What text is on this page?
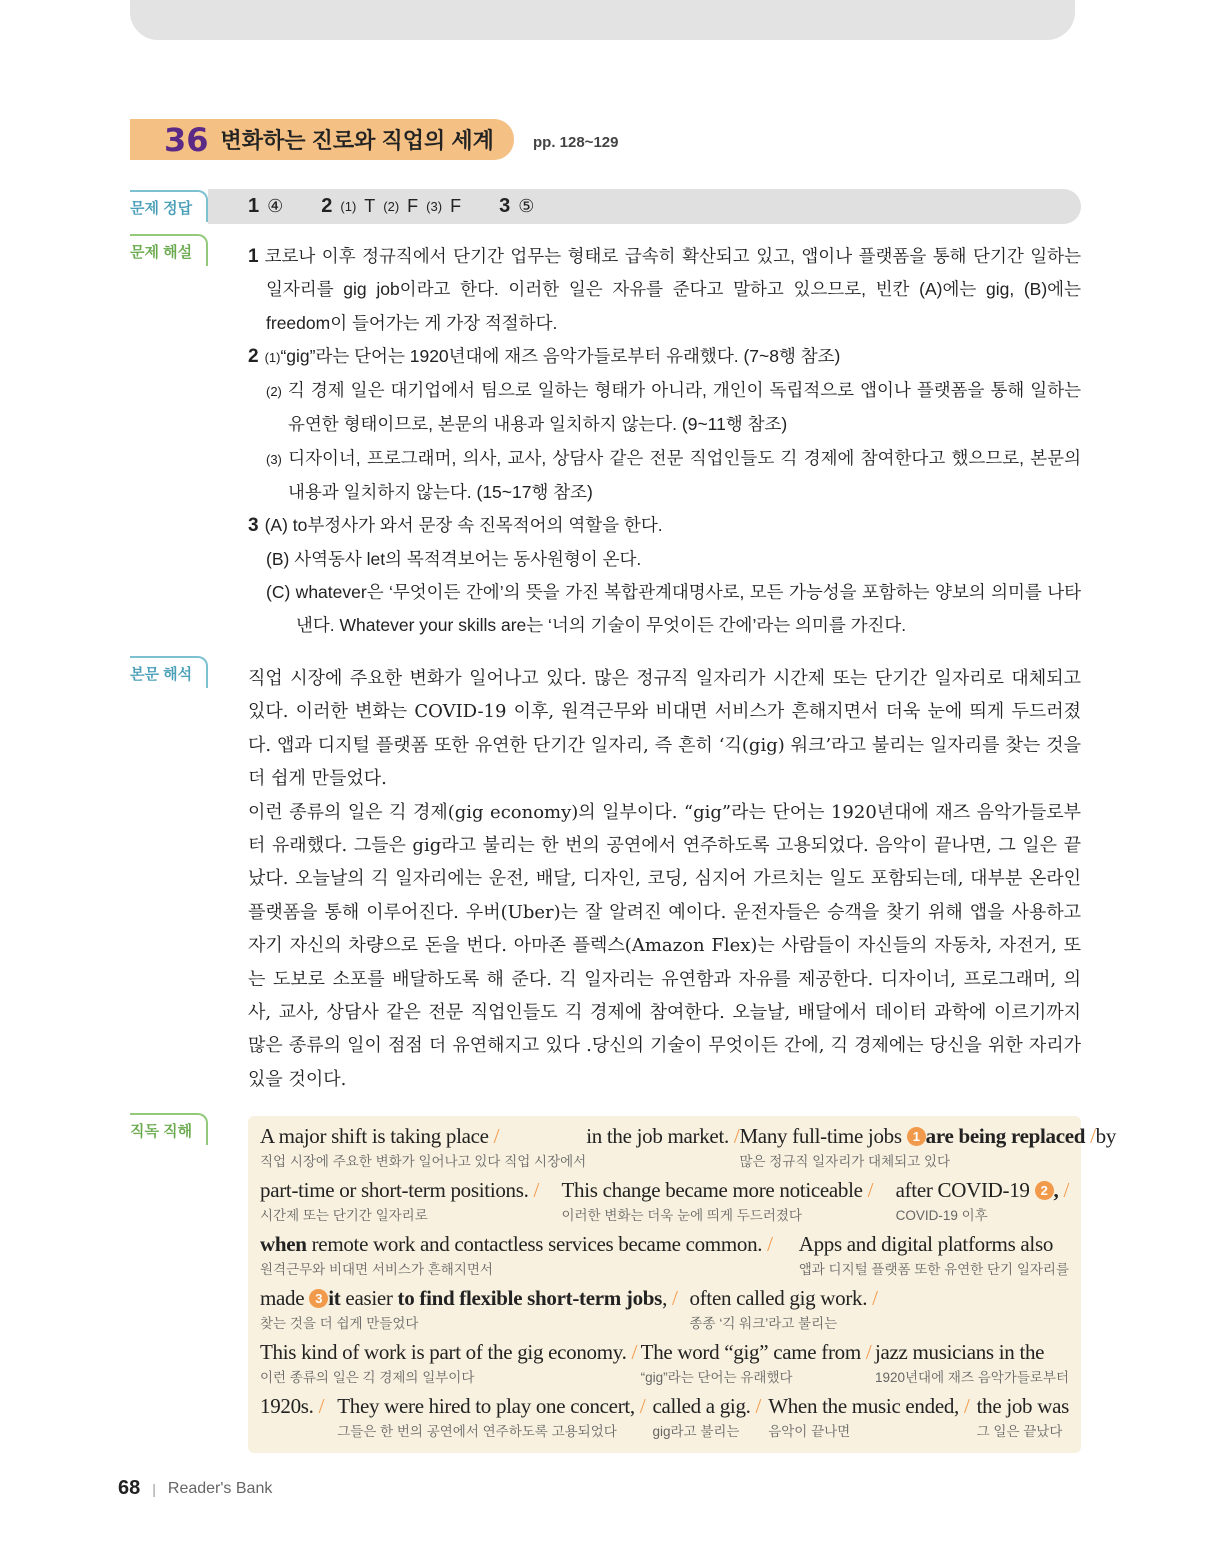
36 변화하는 진로와 직업의 세계	pp. 128~129
문제 정답	1 ④ 2 (1) T (2) F (3) F 3 ⑤
문제 해설	1 코로나 이후 정규직에서 단기간 업무는 형태로 급속히 확산되고 있고, 앱이나 플랫폼을 통해 단기간 일하는 일자리를 gig job이라고 한다. 이러한 일은 자유를 준다고 말하고 있으므로, 빈칸 (A)에는 gig, (B)에는 freedom이 들어가는 게 가장 적절하다.

2 (1)“gig”라는 단어는 1920년대에 재즈 음악가들로부터 유래했다. (7~8행 참조)

(2) 긱 경제 일은 대기업에서 팀으로 일하는 형태가 아니라, 개인이 독립적으로 앱이나 플랫폼을 통해 일하는 유연한 형태이므로, 본문의 내용과 일치하지 않는다. (9~11행 참조)

(3) 디자이너, 프로그래머, 의사, 교사, 상담사 같은 전문 직업인들도 긱 경제에 참여한다고 했으므로, 본문의 내용과 일치하지 않는다. (15~17행 참조)

3 (A) to부정사가 와서 문장 속 진목적어의 역할을 한다.

(B) 사역동사 let의 목적격보어는 동사원형이 온다.

(C) whatever은 ‘무엇이든 간에’의 뜻을 가진 복합관계대명사로, 모든 가능성을 포함하는 양보의 의미를 나타낸다. Whatever your skills are는 ‘너의 기술이 무엇이든 간에’라는 의미를 가진다.

본문 해석	직업 시장에 주요한 변화가 일어나고 있다. 많은 정규직 일자리가 시간제 또는 단기간 일자리로 대체되고 있다. 이러한 변화는 COVID-19 이후, 원격근무와 비대면 서비스가 흔해지면서 더욱 눈에 띄게 두드러졌다. 앱과 디지털 플랫폼 또한 유연한 단기간 일자리, 즉 흔히 ‘긱(gig) 워크’라고 불리는 일자리를 찾는 것을 더 쉽게 만들었다.

이런 종류의 일은 긱 경제(gig economy)의 일부이다. “gig”라는 단어는 1920년대에 재즈 음악가들로부터 유래했다. 그들은 gig라고 불리는 한 번의 공연에서 연주하도록 고용되었다. 음악이 끝나면, 그 일은 끝났다. 오늘날의 긱 일자리에는 운전, 배달, 디자인, 코딩, 심지어 가르치는 일도 포함되는데, 대부분 온라인 플랫폼을 통해 이루어진다. 우버(Uber)는 잘 알려진 예이다. 운전자들은 승객을 찾기 위해 앱을 사용하고 자기 자신의 차량으로 돈을 번다. 아마존 플렉스(Amazon Flex)는 사람들이 자신들의 자동차, 자전거, 또는 도보로 소포를 배달하도록 해 준다. 긱 일자리는 유연함과 자유를 제공한다. 디자이너, 프로그래머, 의사, 교사, 상담사 같은 전문 직업인들도 긱 경제에 참여한다. 오늘날, 배달에서 데이터 과학에 이르기까지 많은 종류의 일이 점점 더 유연해지고 있다 .당신의 기술이 무엇이든 간에, 긱 경제에는 당신을 위한 자리가 있을 것이다.

직독 직해	A major shift is taking place /
직업 시장에 주요한 변화가 일어나고 있다 직업 시장에서
in the job market. / Many full-time jobs 1 are being replaced /
많은 정규직 일자리가 대체되고 있다
by
part-time or short-term positions. /
시간제 또는 단기간 일자리로
This change became more noticeable /
이러한 변화는 더욱 눈에 띄게 두드러졌다
after COVID-19 2 , /
COVID-19 이후
when remote work and contactless services became common. /
원격근무와 비대면 서비스가 흔해지면서
Apps and digital platforms also
앱과 디지털 플랫폼 또한 유연한 단기 일자리를
made 3 it easier to find flexible short-term jobs, /
찾는 것을 더 쉽게 만들었다
often called gig work. /
종종 ‘긱 워크’라고 불리는
This kind of work is part of the gig economy. /
이런 종류의 일은 긱 경제의 일부이다
The word “gig” came from /
“gig”라는 단어는 유래했다
jazz musicians in the
1920년대에 재즈 음악가들로부터
1920s. / They were hired to play one concert, /
그들은 한 번의 공연에서 연주하도록 고용되었다
called a gig. /
gig라고 불리는
When the music ended, /
음악이 끝나면
the job was
그 일은 끝났다
68 | Reader's Bank
